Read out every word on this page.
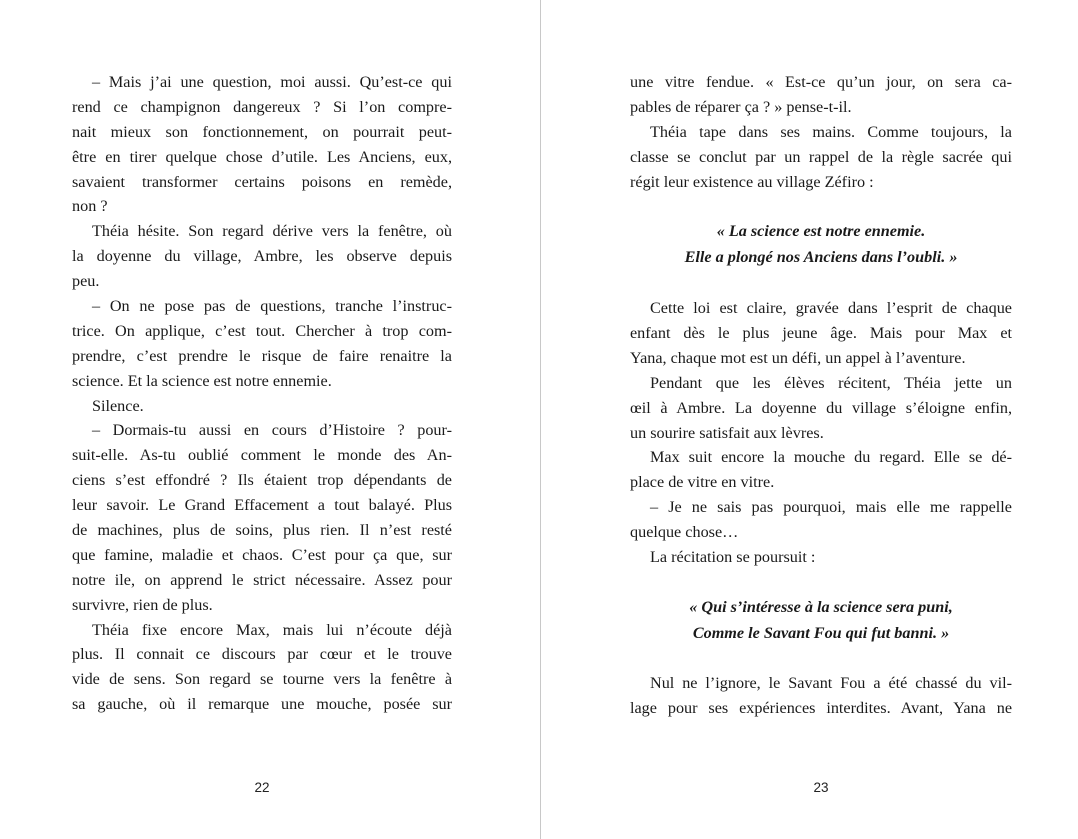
– Mais j’ai une question, moi aussi. Qu’est-ce qui
rend ce champignon dangereux ? Si l’on compre-
nait mieux son fonctionnement, on pourrait peut-
être en tirer quelque chose d’utile. Les Anciens, eux,
savaient transformer certains poisons en remède,
non ?
Théia hésite. Son regard dérive vers la fenêtre, où
la doyenne du village, Ambre, les observe depuis
peu.
– On ne pose pas de questions, tranche l’instruc-
trice. On applique, c’est tout. Chercher à trop com-
prendre, c’est prendre le risque de faire renaitre la
science. Et la science est notre ennemie.
Silence.
– Dormais-tu aussi en cours d’Histoire ? pour-
suit-elle. As-tu oublié comment le monde des An-
ciens s’est effondré ? Ils étaient trop dépendants de
leur savoir. Le Grand Effacement a tout balayé. Plus
de machines, plus de soins, plus rien. Il n’est resté
que famine, maladie et chaos. C’est pour ça que, sur
notre ile, on apprend le strict nécessaire. Assez pour
survivre, rien de plus.
Théia fixe encore Max, mais lui n’écoute déjà
plus. Il connait ce discours par cœur et le trouve
vide de sens. Son regard se tourne vers la fenêtre à
sa gauche, où il remarque une mouche, posée sur
22
une vitre fendue. « Est-ce qu’un jour, on sera ca-
pables de réparer ça ? » pense-t-il.
Théia tape dans ses mains. Comme toujours, la
classe se conclut par un rappel de la règle sacrée qui
régit leur existence au village Zéfiro :
« La science est notre ennemie.
Elle a plongé nos Anciens dans l’oubli. »
Cette loi est claire, gravée dans l’esprit de chaque
enfant dès le plus jeune âge. Mais pour Max et
Yana, chaque mot est un défi, un appel à l’aventure.
Pendant que les élèves récitent, Théia jette un
œil à Ambre. La doyenne du village s’éloigne enfin,
un sourire satisfait aux lèvres.
Max suit encore la mouche du regard. Elle se dé-
place de vitre en vitre.
– Je ne sais pas pourquoi, mais elle me rappelle
quelque chose…
La récitation se poursuit :
« Qui s’intéresse à la science sera puni,
Comme le Savant Fou qui fut banni. »
Nul ne l’ignore, le Savant Fou a été chassé du vil-
lage pour ses expériences interdites. Avant, Yana ne
23
